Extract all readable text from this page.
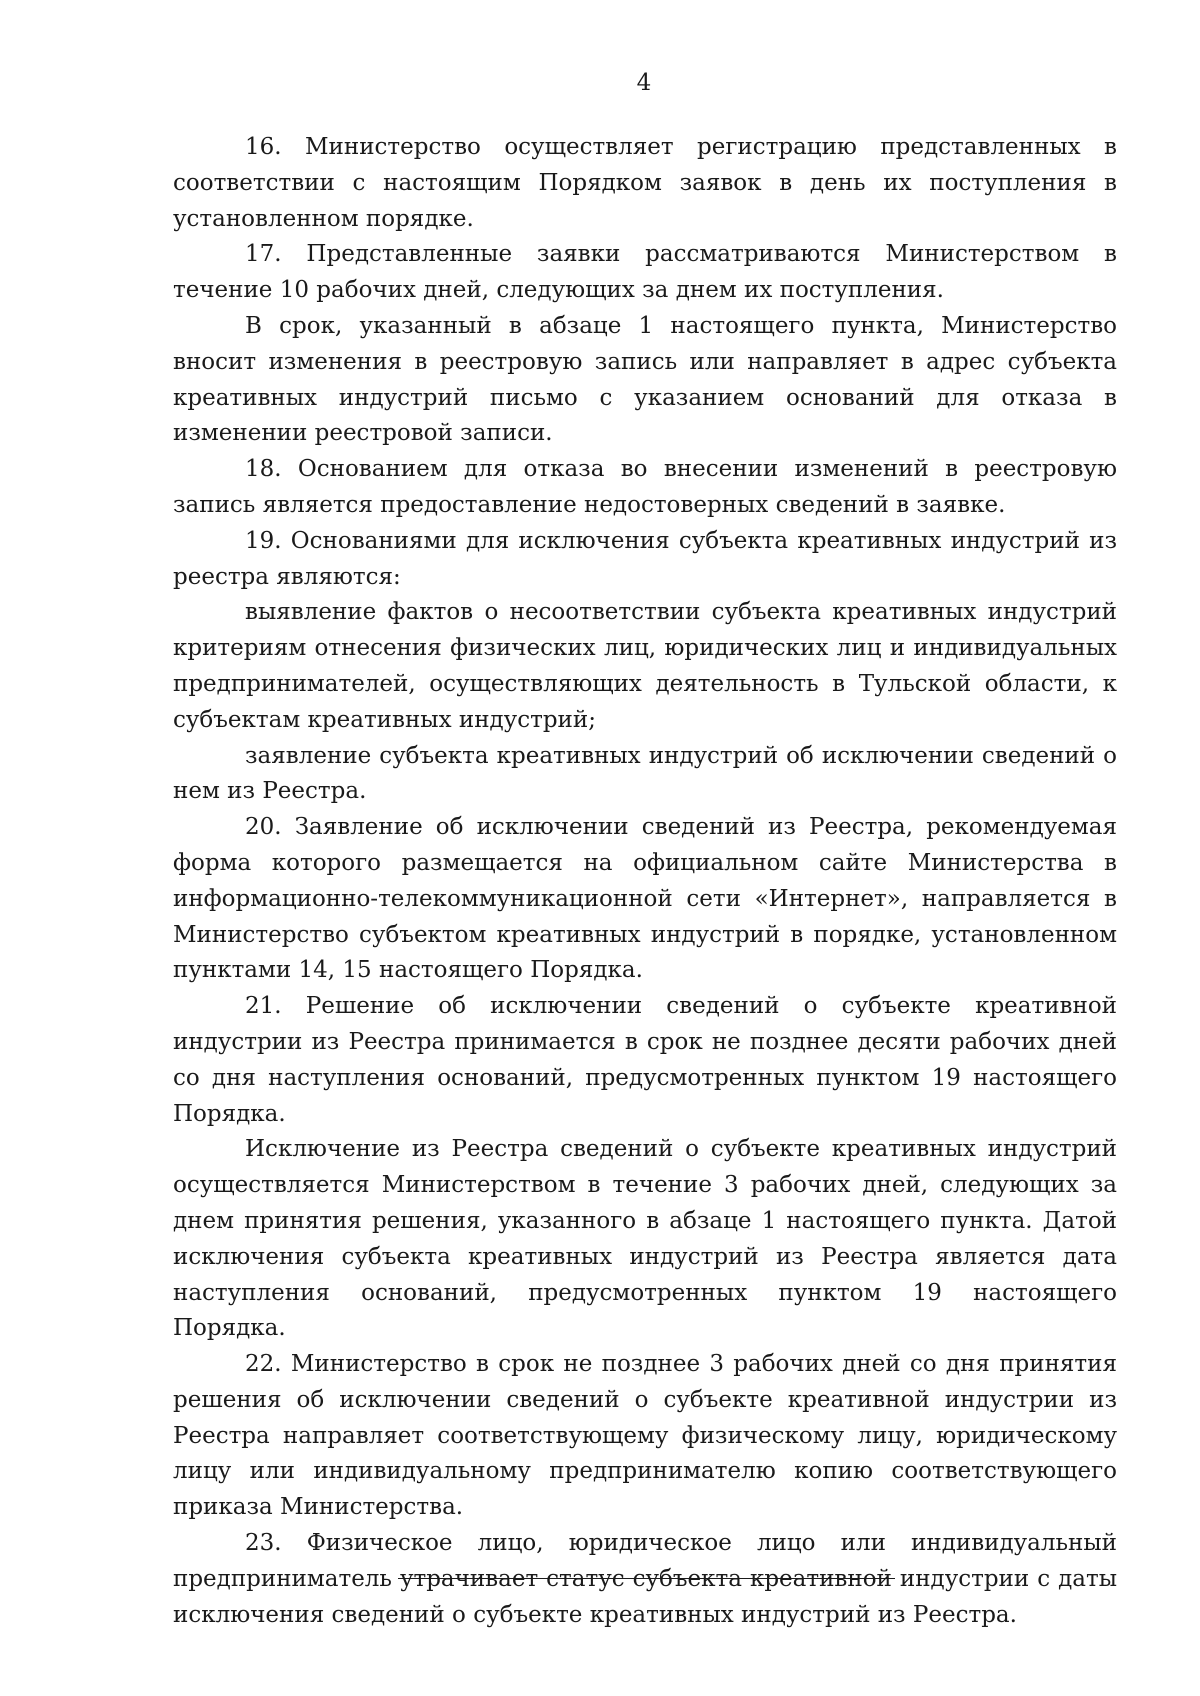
4

16. Министерство осуществляет регистрацию представленных в соответствии с настоящим Порядком заявок в день их поступления в установленном порядке.

17. Представленные заявки рассматриваются Министерством в течение 10 рабочих дней, следующих за днем их поступления.

В срок, указанный в абзаце 1 настоящего пункта, Министерство вносит изменения в реестровую запись или направляет в адрес субъекта креативных индустрий письмо с указанием оснований для отказа в изменении реестровой записи.

18. Основанием для отказа во внесении изменений в реестровую запись является предоставление недостоверных сведений в заявке.

19. Основаниями для исключения субъекта креативных индустрий из реестра являются:

выявление фактов о несоответствии субъекта креативных индустрий критериям отнесения физических лиц, юридических лиц и индивидуальных предпринимателей, осуществляющих деятельность в Тульской области, к субъектам креативных индустрий;

заявление субъекта креативных индустрий об исключении сведений о нем из Реестра.

20. Заявление об исключении сведений из Реестра, рекомендуемая форма которого размещается на официальном сайте Министерства в информационно-телекоммуникационной сети «Интернет», направляется в Министерство субъектом креативных индустрий в порядке, установленном пунктами 14, 15 настоящего Порядка.

21. Решение об исключении сведений о субъекте креативной индустрии из Реестра принимается в срок не позднее десяти рабочих дней со дня наступления оснований, предусмотренных пунктом 19 настоящего Порядка.

Исключение из Реестра сведений о субъекте креативных индустрий осуществляется Министерством в течение 3 рабочих дней, следующих за днем принятия решения, указанного в абзаце 1 настоящего пункта. Датой исключения субъекта креативных индустрий из Реестра является дата наступления оснований, предусмотренных пунктом 19 настоящего Порядка.

22. Министерство в срок не позднее 3 рабочих дней со дня принятия решения об исключении сведений о субъекте креативной индустрии из Реестра направляет соответствующему физическому лицу, юридическому лицу или индивидуальному предпринимателю копию соответствующего приказа Министерства.

23. Физическое лицо, юридическое лицо или индивидуальный предприниматель утрачивает статус субъекта креативной индустрии с даты исключения сведений о субъекте креативных индустрий из Реестра.
